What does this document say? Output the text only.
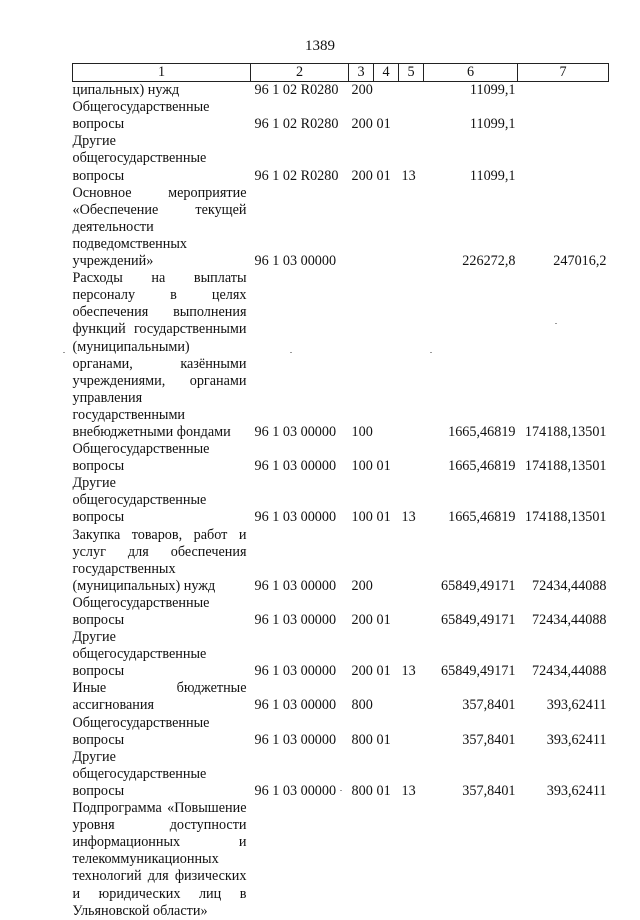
1389
1	2	3	4	5	6	7
ципальных) нужд	96 1 02 R0280	200			11099,1	
Общегосударственные вопросы	96 1 02 R0280	200	01		11099,1	
Другие общегосударственные вопросы	96 1 02 R0280	200	01	13	11099,1	
Основное мероприятие «Обеспечение текущей деятельности подведомственных учреждений»	96 1 03 00000				226272,8	247016,2
Расходы на выплаты персоналу в целях обеспечения выполнения функций государственными (муниципальными) органами, казёнными учреждениями, органами управления государственными внебюджетными фондами	96 1 03 00000	100			1665,46819	174188,13501
Общегосударственные вопросы	96 1 03 00000	100	01		1665,46819	174188,13501
Другие общегосударственные вопросы	96 1 03 00000	100	01	13	1665,46819	174188,13501
Закупка товаров, работ и услуг для обеспечения государственных (муниципальных) нужд	96 1 03 00000	200			65849,49171	72434,44088
Общегосударственные вопросы	96 1 03 00000	200	01		65849,49171	72434,44088
Другие общегосударственные вопросы	96 1 03 00000	200	01	13	65849,49171	72434,44088
Иные бюджетные ассигнования	96 1 03 00000	800			357,8401	393,62411
Общегосударственные вопросы	96 1 03 00000	800	01		357,8401	393,62411
Другие общегосударственные вопросы	96 1 03 00000	800	01	13	357,8401	393,62411
Подпрограмма «Повышение уровня доступности информационных и телекоммуникационных технологий для физических и юридических лиц в Ульяновской области»						
